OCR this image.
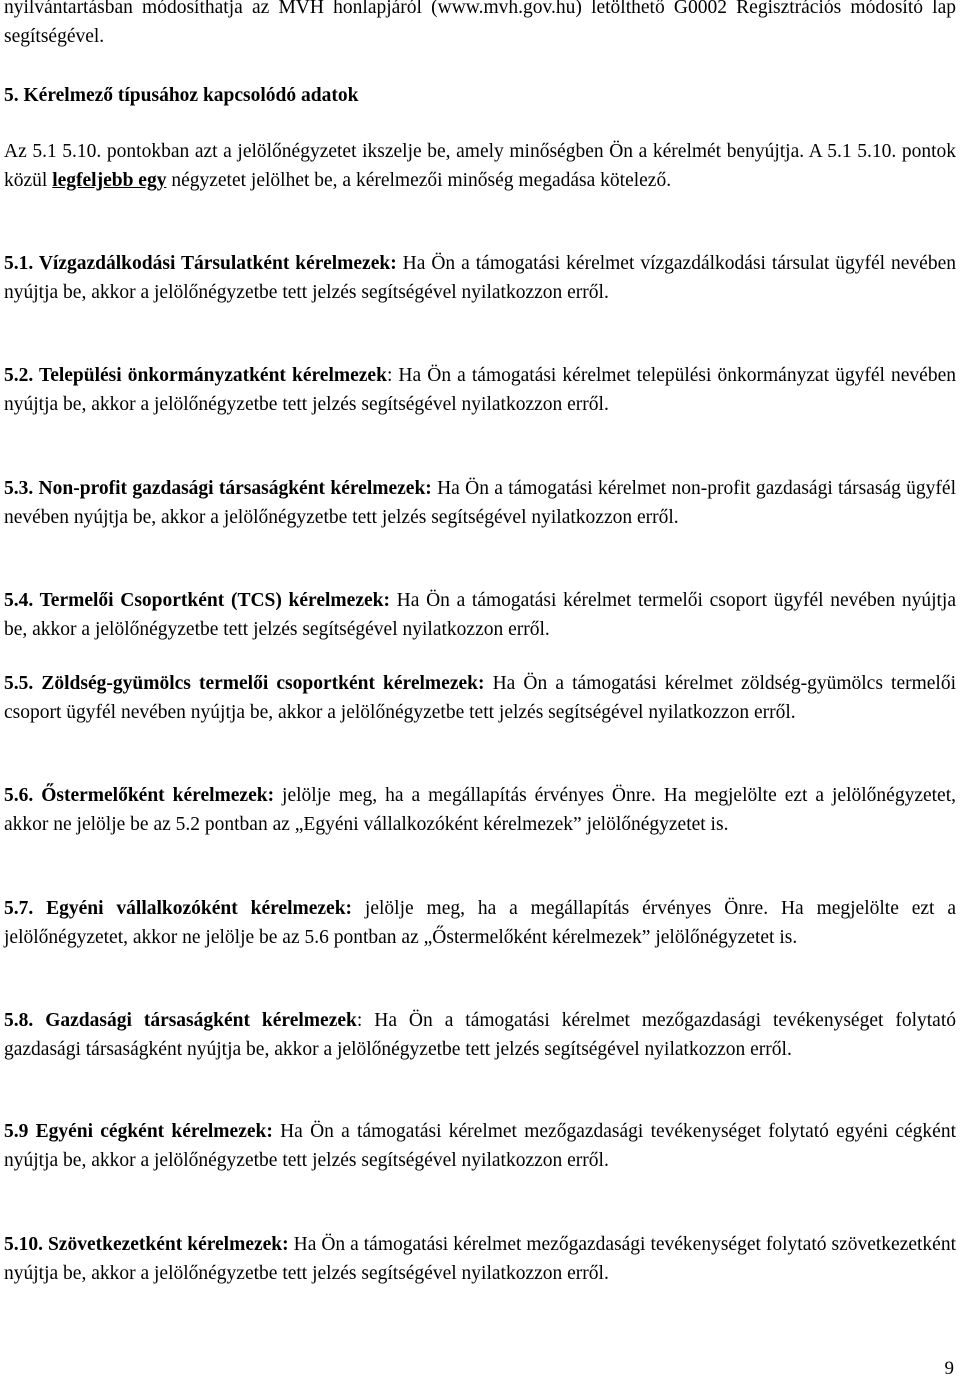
nyilvántartásban módosíthatja az MVH honlapjáról (www.mvh.gov.hu) letölthető G0002 Regisztrációs módosító lap segítségével.

5. Kérelmező típusához kapcsolódó adatok

Az 5.1 5.10. pontokban azt a jelölőnégyzetet ikszelje be, amely minőségben Ön a kérelmét benyújtja. A 5.1 5.10. pontok közül legfeljebb egy négyzetet jelölhet be, a kérelmezői minőség megadása kötelező.

5.1. Vízgazdálkodási Társulatként kérelmezek: Ha Ön a támogatási kérelmet vízgazdálkodási társulat ügyfél nevében nyújtja be, akkor a jelölőnégyzetbe tett jelzés segítségével nyilatkozzon erről.

5.2. Települési önkormányzatként kérelmezek: Ha Ön a támogatási kérelmet települési önkormányzat ügyfél nevében nyújtja be, akkor a jelölőnégyzetbe tett jelzés segítségével nyilatkozzon erről.

5.3. Non-profit gazdasági társaságként kérelmezek: Ha Ön a támogatási kérelmet non-profit gazdasági társaság ügyfél nevében nyújtja be, akkor a jelölőnégyzetbe tett jelzés segítségével nyilatkozzon erről.

5.4. Termelői Csoportként (TCS) kérelmezek: Ha Ön a támogatási kérelmet termelői csoport ügyfél nevében nyújtja be, akkor a jelölőnégyzetbe tett jelzés segítségével nyilatkozzon erről.

5.5. Zöldség-gyümölcs termelői csoportként kérelmezek: Ha Ön a támogatási kérelmet zöldség-gyümölcs termelői csoport ügyfél nevében nyújtja be, akkor a jelölőnégyzetbe tett jelzés segítségével nyilatkozzon erről.

5.6. Őstermelőként kérelmezek: jelölje meg, ha a megállapítás érvényes Önre. Ha megjelölte ezt a jelölőnégyzetet, akkor ne jelölje be az 5.2 pontban az „Egyéni vállalkozóként kérelmezek” jelölőnégyzetet is.

5.7. Egyéni vállalkozóként kérelmezek: jelölje meg, ha a megállapítás érvényes Önre. Ha megjelölte ezt a jelölőnégyzetet, akkor ne jelölje be az 5.6 pontban az „Őstermelőként kérelmezek” jelölőnégyzetet is.

5.8. Gazdasági társaságként kérelmezek: Ha Ön a támogatási kérelmet mezőgazdasági tevékenységet folytató gazdasági társaságként nyújtja be, akkor a jelölőnégyzetbe tett jelzés segítségével nyilatkozzon erről.

5.9 Egyéni cégként kérelmezek: Ha Ön a támogatási kérelmet mezőgazdasági tevékenységet folytató egyéni cégként nyújtja be, akkor a jelölőnégyzetbe tett jelzés segítségével nyilatkozzon erről.

5.10. Szövetkezetként kérelmezek: Ha Ön a támogatási kérelmet mezőgazdasági tevékenységet folytató szövetkezetként nyújtja be, akkor a jelölőnégyzetbe tett jelzés segítségével nyilatkozzon erről.

9
